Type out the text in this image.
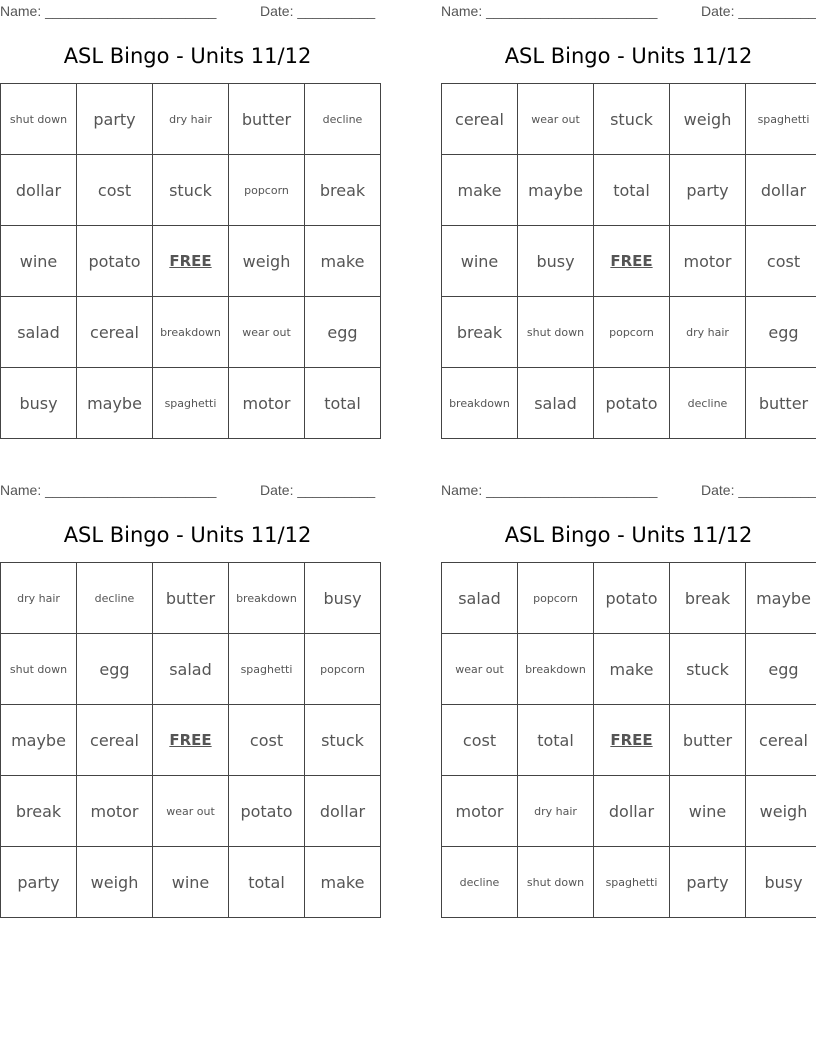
Name: ______________________	Date: __________
ASL Bingo - Units 11/12
shut down	party	dry hair	butter	decline
dollar	cost	stuck	popcorn	break
wine	potato	FREE	weigh	make
salad	cereal	breakdown	wear out	egg
busy	maybe	spaghetti	motor	total
Name: ______________________	Date: __________
ASL Bingo - Units 11/12
cereal	wear out	stuck	weigh	spaghetti
make	maybe	total	party	dollar
wine	busy	FREE	motor	cost
break	shut down	popcorn	dry hair	egg
breakdown	salad	potato	decline	butter
Name: ______________________	Date: __________
ASL Bingo - Units 11/12
dry hair	decline	butter	breakdown	busy
shut down	egg	salad	spaghetti	popcorn
maybe	cereal	FREE	cost	stuck
break	motor	wear out	potato	dollar
party	weigh	wine	total	make
Name: ______________________	Date: __________
ASL Bingo - Units 11/12
salad	popcorn	potato	break	maybe
wear out	breakdown	make	stuck	egg
cost	total	FREE	butter	cereal
motor	dry hair	dollar	wine	weigh
decline	shut down	spaghetti	party	busy
